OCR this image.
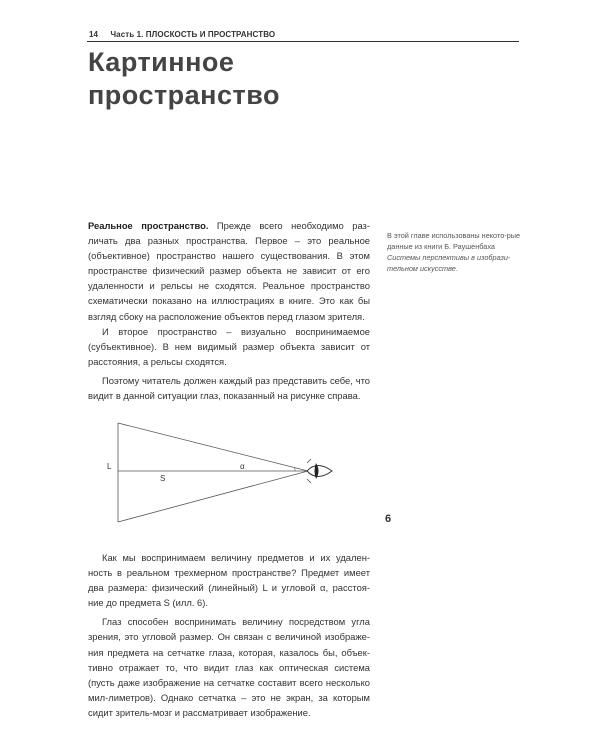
14 Часть 1. ПЛОСКОСТЬ И ПРОСТРАНСТВО
Картинное
пространство

Реальное пространство. Прежде всего необходимо раз-личать два разных пространства. Первое – это реальное (объективное) пространство нашего существования. В этом пространстве физический размер объекта не зависит от его удаленности и рельсы не сходятся. Реальное пространство схематически показано на иллюстрациях в книге. Это как бы взгляд сбоку на расположение объектов перед глазом зрителя.

И второе пространство – визуально воспринимаемое (субъективное). В нем видимый размер объекта зависит от расстояния, а рельсы сходятся.

Поэтому читатель должен каждый раз представить себе, что видит в данной ситуации глаз, показанный на рисунке справа.

В этой главе использованы некото-рые данные из книги Б. Раушенбаха Системы перспективы в изобрази-тельном искусстве.
L
S
α
6

Как мы воспринимаем величину предметов и их удален-ность в реальном трехмерном пространстве? Предмет имеет два размера: физический (линейный) L и угловой α, расстоя-ние до предмета S (илл. 6).

Глаз способен воспринимать величину посредством угла зрения, это угловой размер. Он связан с величиной изображе-ния предмета на сетчатке глаза, которая, казалось бы, объек-тивно отражает то, что видит глаз как оптическая система (пусть даже изображение на сетчатке составит всего несколько мил-лиметров). Однако сетчатка – это не экран, за которым сидит зритель-мозг и рассматривает изображение.
